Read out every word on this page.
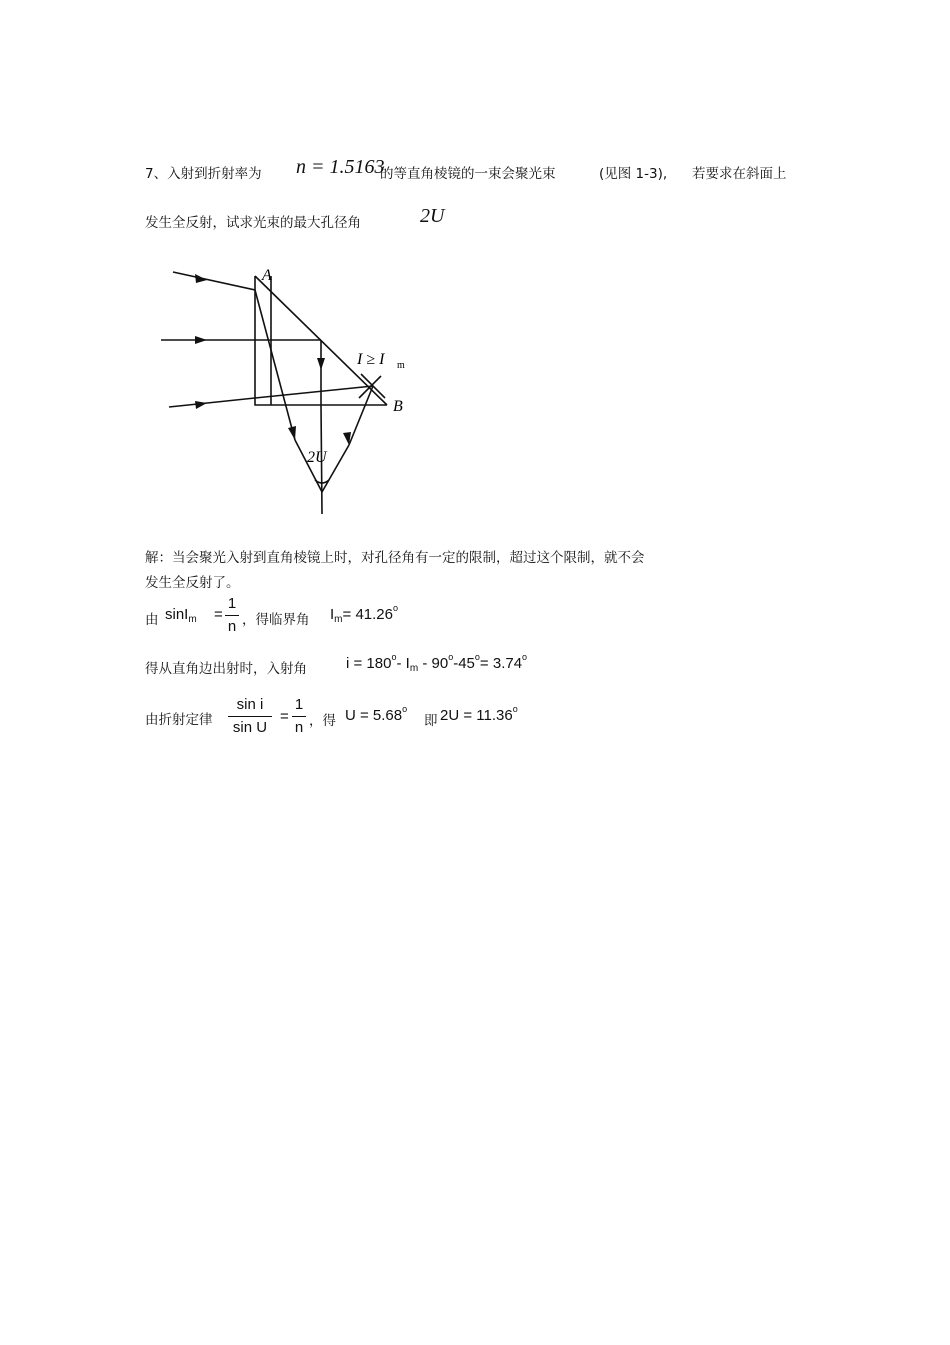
7、入射到折射率为 n = 1.5163
的等直角棱镜的一束会聚光束	(见图 1-3), 若要求在斜面上
发生全反射，试求光束的最大孔径角	2U
A
B
I ≥ I m
2U
解：当会聚光入射到直角棱镜上时，对孔径角有一定的限制，超过这个限制，就不会
发生全反射了。
由 sinI$_m$ =
1
n ，得临界角 $I_m= 41.26^o$
得从直角边出射时，入射角	$i = 180^o-$ $I_m - 90^o-45^o= 3.74^o$
由折射定律
sin i
sin U
=
1
n ，得 $U = 5.68^o$
即 $2U = 11.36^o$
